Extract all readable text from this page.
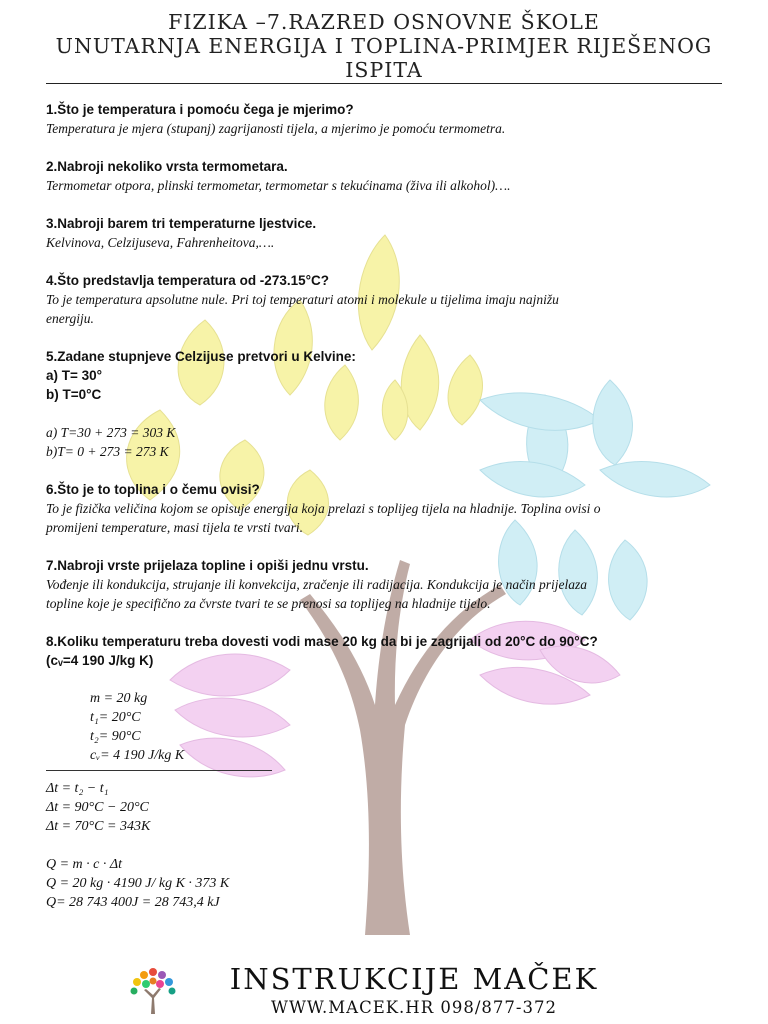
FIZIKA –7.RAZRED OSNOVNE ŠKOLE
UNUTARNJA ENERGIJA I TOPLINA-PRIMJER RIJEŠENOG
ISPITA

1.Što je temperatura i pomoću čega je mjerimo?

Temperatura je mjera (stupanj) zagrijanosti tijela, a mjerimo je pomoću termometra.

2.Nabroji nekoliko vrsta termometara.

Termometar otpora, plinski termometar, termometar s tekućinama (živa ili alkohol)….

3.Nabroji barem tri temperaturne ljestvice.

Kelvinova, Celzijuseva, Fahrenheitova,….

4.Što predstavlja temperatura od -273.15°C?

To je temperatura apsolutne nule. Pri toj temperaturi atomi i molekule u tijelima imaju najnižu

energiju.

5.Zadane stupnjeve Celzijuse pretvori u Kelvine:

a) T= 30°

b) T=0°C

a) T=30 + 273 = 303 K

b)T= 0 + 273 = 273 K

6.Što je to toplina i o čemu ovisi?

To je fizička veličina kojom se opisuje energija koja prelazi s toplijeg tijela na hladnije. Toplina ovisi o

promijeni temperature, masi tijela te vrsti tvari.

7.Nabroji vrste prijelaza topline i opiši jednu vrstu.

Vođenje ili kondukcija, strujanje ili konvekcija, zračenje ili radijacija. Kondukcija je način prijelaza

topline koje je specifično za čvrste tvari te se prenosi sa toplijeg na hladnije tijelo.

8.Koliku temperaturu treba dovesti vodi mase 20 kg da bi je zagrijali od 20°C do 90°C?

(cᵥ=4 190 J/kg K)

m = 20 kg

t₁= 20°C

t₂= 90°C

cᵥ= 4 190 J/kg K

Δt = t₂ − t₁

Δt = 90°C − 20°C

Δt = 70°C = 343K

Q = m · c · Δt

Q = 20 kg · 4190 J/ kg K · 373 K

Q= 28 743 400J = 28 743,4 kJ

INSTRUKCIJE MAČEK
WWW.MACEK.HR 098/877-372
